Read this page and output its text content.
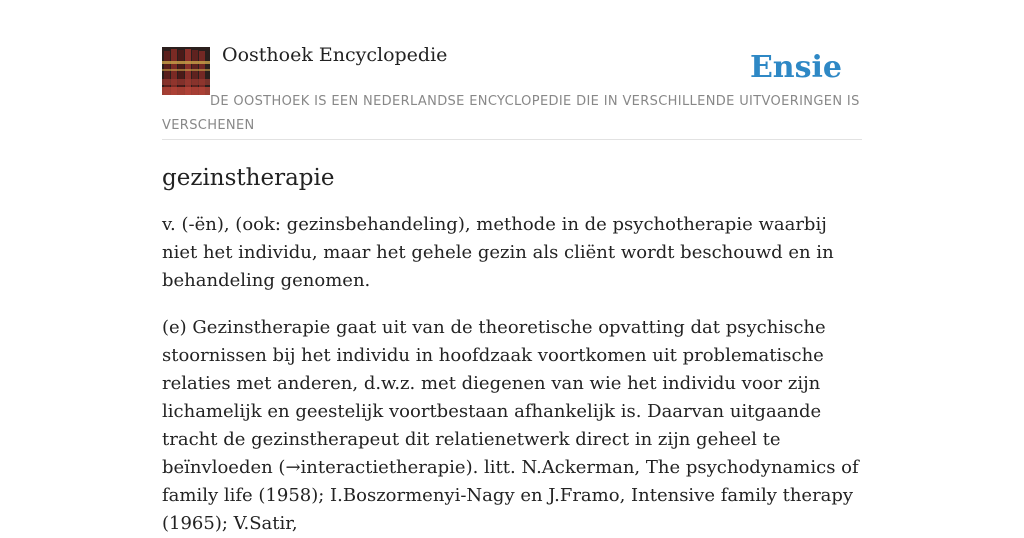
Oosthoek Encyclopedie	Ensie
DE OOSTHOEK IS EEN NEDERLANDSE ENCYCLOPEDIE DIE IN VERSCHILLENDE UITVOERINGEN IS VERSCHENEN
gezinstherapie

v. (-ën), (ook: gezinsbehandeling), methode in de psychotherapie waarbij niet het individu, maar het gehele gezin als cliënt wordt beschouwd en in behandeling genomen.

(e) Gezinstherapie gaat uit van de theoretische opvatting dat psychische stoornissen bij het individu in hoofdzaak voortkomen uit problematische relaties met anderen, d.w.z. met diegenen van wie het individu voor zijn lichamelijk en geestelijk voortbestaan afhankelijk is. Daarvan uitgaande tracht de gezinstherapeut dit relatienetwerk direct in zijn geheel te beïnvloeden (→interactietherapie). litt. N.Ackerman, The psychodynamics of family life (1958); I.Boszormenyi-Nagy en J.Framo, Intensive family therapy (1965); V.Satir,
